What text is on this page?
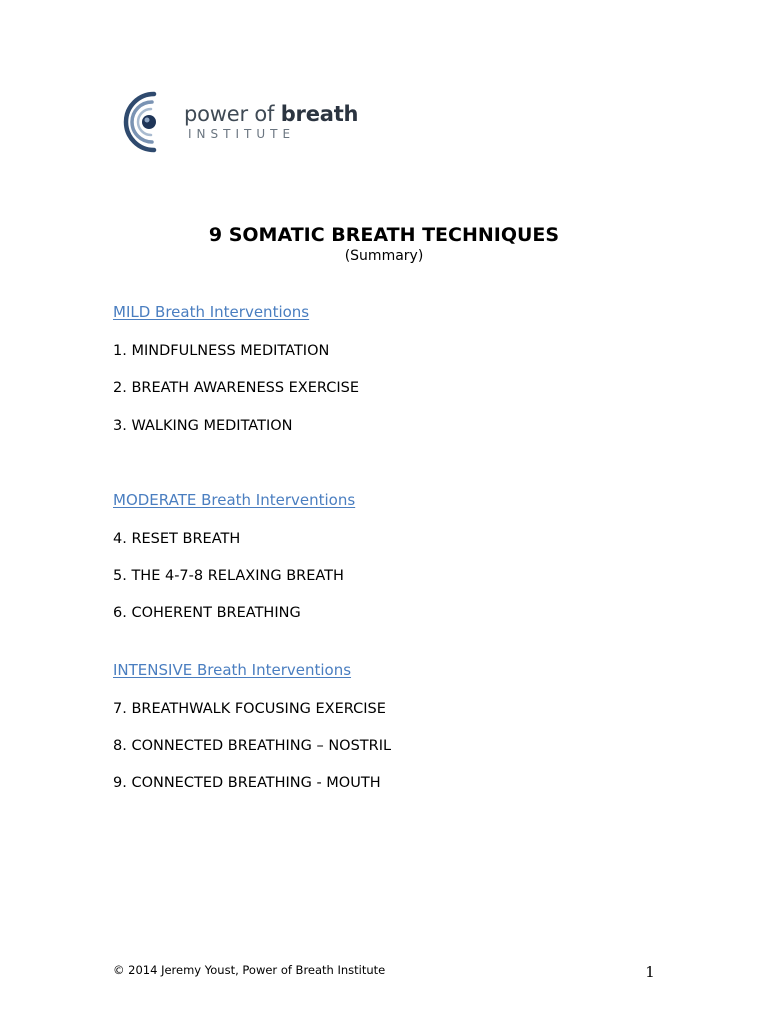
power of breath
INSTITUTE
9 SOMATIC BREATH TECHNIQUES
(Summary)
MILD Breath Interventions
1. MINDFULNESS MEDITATION
2. BREATH AWARENESS EXERCISE
3. WALKING MEDITATION
MODERATE Breath Interventions
4. RESET BREATH
5. THE 4-7-8 RELAXING BREATH
6. COHERENT BREATHING
INTENSIVE Breath Interventions
7. BREATHWALK FOCUSING EXERCISE
8. CONNECTED BREATHING – NOSTRIL
9. CONNECTED BREATHING - MOUTH
© 2014 Jeremy Youst, Power of Breath Institute	1
